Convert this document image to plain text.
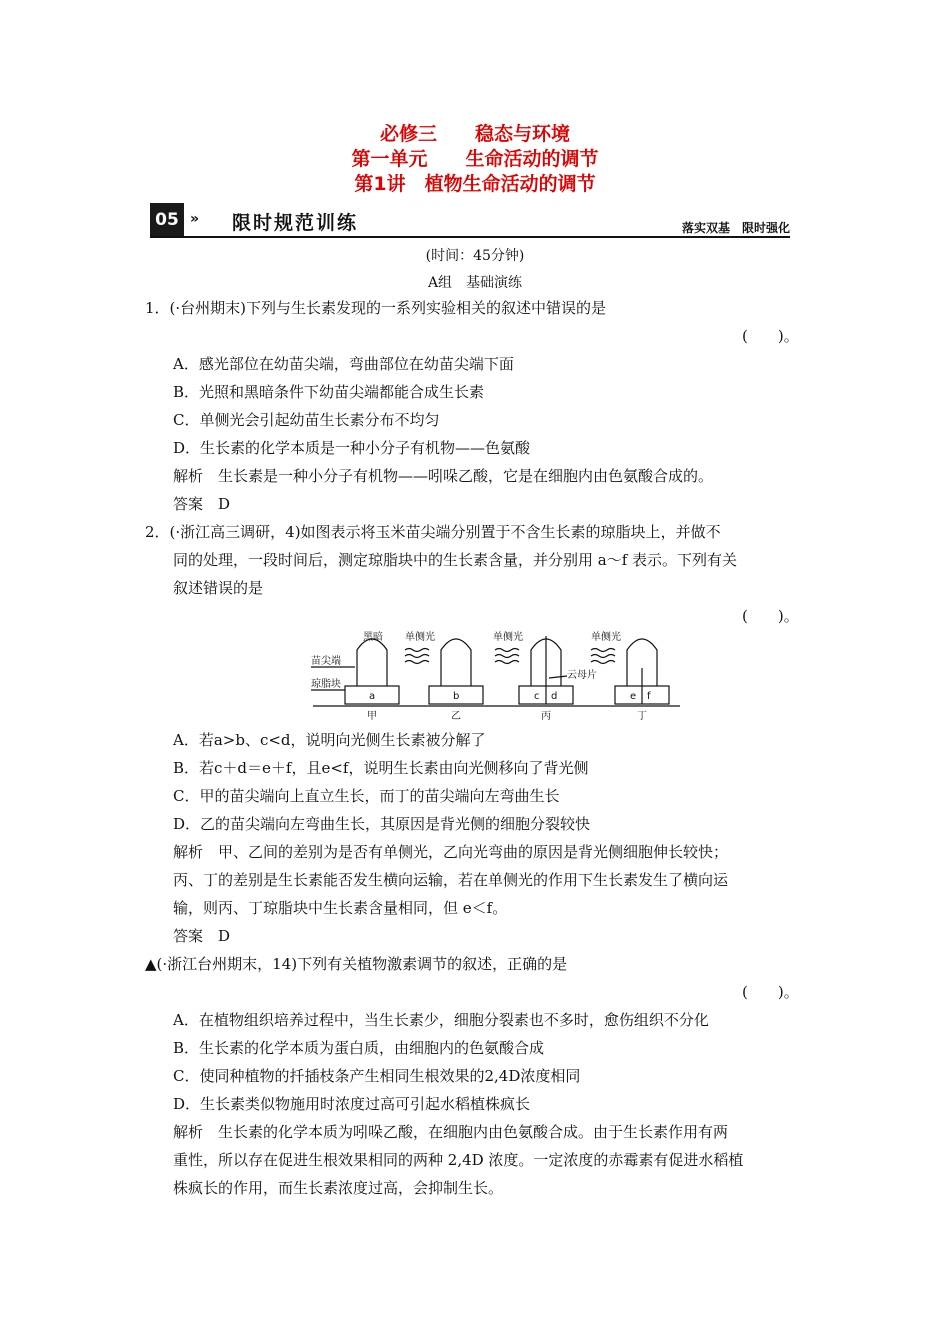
必修三　　稳态与环境
第一单元　　生命活动的调节
第1讲　植物生命活动的调节
05 » 限时规范训练	落实双基　限时强化
(时间：45分钟)
A组　基础演练
1．(·台州期末)下列与生长素发现的一系列实验相关的叙述中错误的是
(　　)。
A．感光部位在幼苗尖端，弯曲部位在幼苗尖端下面
B．光照和黑暗条件下幼苗尖端都能合成生长素
C．单侧光会引起幼苗生长素分布不均匀
D．生长素的化学本质是一种小分子有机物——色氨酸
解析　生长素是一种小分子有机物——吲哚乙酸，它是在细胞内由色氨酸合成的。
答案　D
2．(·浙江高三调研，4)如图表示将玉米苗尖端分别置于不含生长素的琼脂块上，并做不
同的处理，一段时间后，测定琼脂块中的生长素含量，并分别用 a～f 表示。下列有关
叙述错误的是
(　　)。
黑暗 单侧光	单侧光	单侧光
苗尖端
琼脂块
云母片
a	b	c d	e f
甲	乙	丙	丁
A．若a>b、c<d，说明向光侧生长素被分解了
B．若c＋d＝e＋f，且e<f，说明生长素由向光侧移向了背光侧
C．甲的苗尖端向上直立生长，而丁的苗尖端向左弯曲生长
D．乙的苗尖端向左弯曲生长，其原因是背光侧的细胞分裂较快
解析　甲、乙间的差别为是否有单侧光，乙向光弯曲的原因是背光侧细胞伸长较快；
丙、丁的差别是生长素能否发生横向运输，若在单侧光的作用下生长素发生了横向运
输，则丙、丁琼脂块中生长素含量相同，但 e＜f。
答案　D
▲(·浙江台州期末，14)下列有关植物激素调节的叙述，正确的是
(　　)。
A．在植物组织培养过程中，当生长素少，细胞分裂素也不多时，愈伤组织不分化
B．生长素的化学本质为蛋白质，由细胞内的色氨酸合成
C．使同种植物的扦插枝条产生相同生根效果的2,4D浓度相同
D．生长素类似物施用时浓度过高可引起水稻植株疯长
解析　生长素的化学本质为吲哚乙酸，在细胞内由色氨酸合成。由于生长素作用有两
重性，所以存在促进生根效果相同的两种 2,4D 浓度。一定浓度的赤霉素有促进水稻植
株疯长的作用，而生长素浓度过高，会抑制生长。
